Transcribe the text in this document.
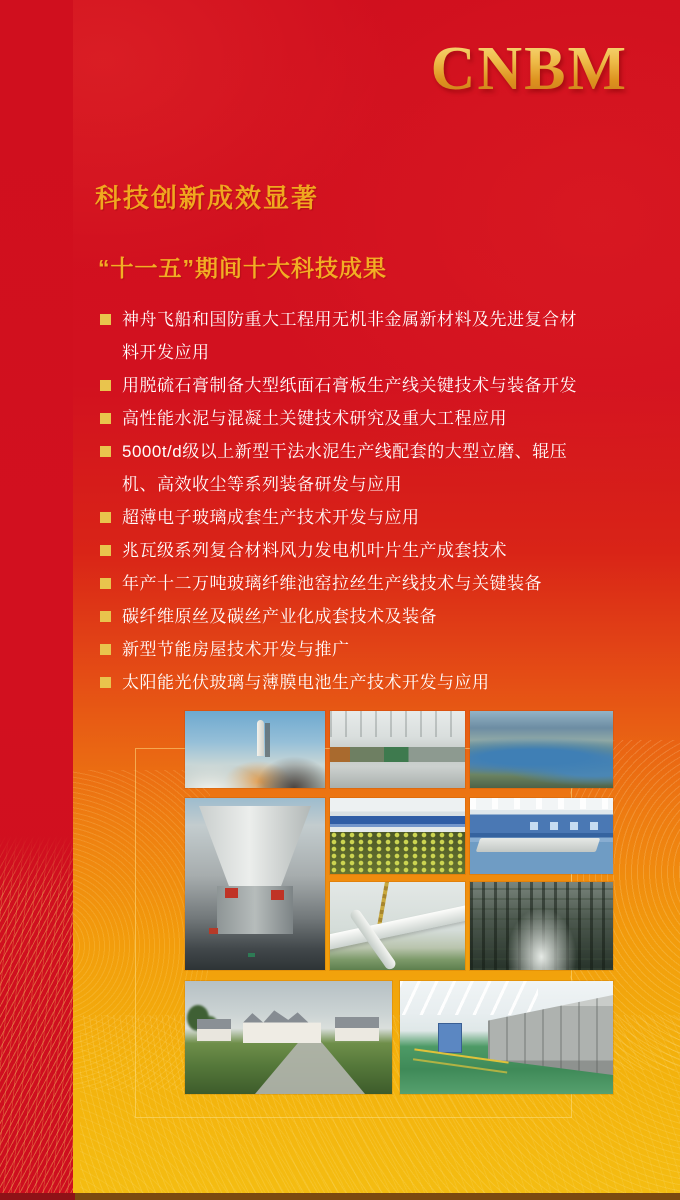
CNBM
科技创新成效显著
“十一五”期间十大科技成果
神舟飞船和国防重大工程用无机非金属新材料及先进复合材料开发应用
用脱硫石膏制备大型纸面石膏板生产线关键技术与装备开发
高性能水泥与混凝土关键技术研究及重大工程应用
5000t/d级以上新型干法水泥生产线配套的大型立磨、辊压机、高效收尘等系列装备研发与应用
超薄电子玻璃成套生产技术开发与应用
兆瓦级系列复合材料风力发电机叶片生产成套技术
年产十二万吨玻璃纤维池窑拉丝生产线技术与关键装备
碳纤维原丝及碳丝产业化成套技术及装备
新型节能房屋技术开发与推广
太阳能光伏玻璃与薄膜电池生产技术开发与应用
